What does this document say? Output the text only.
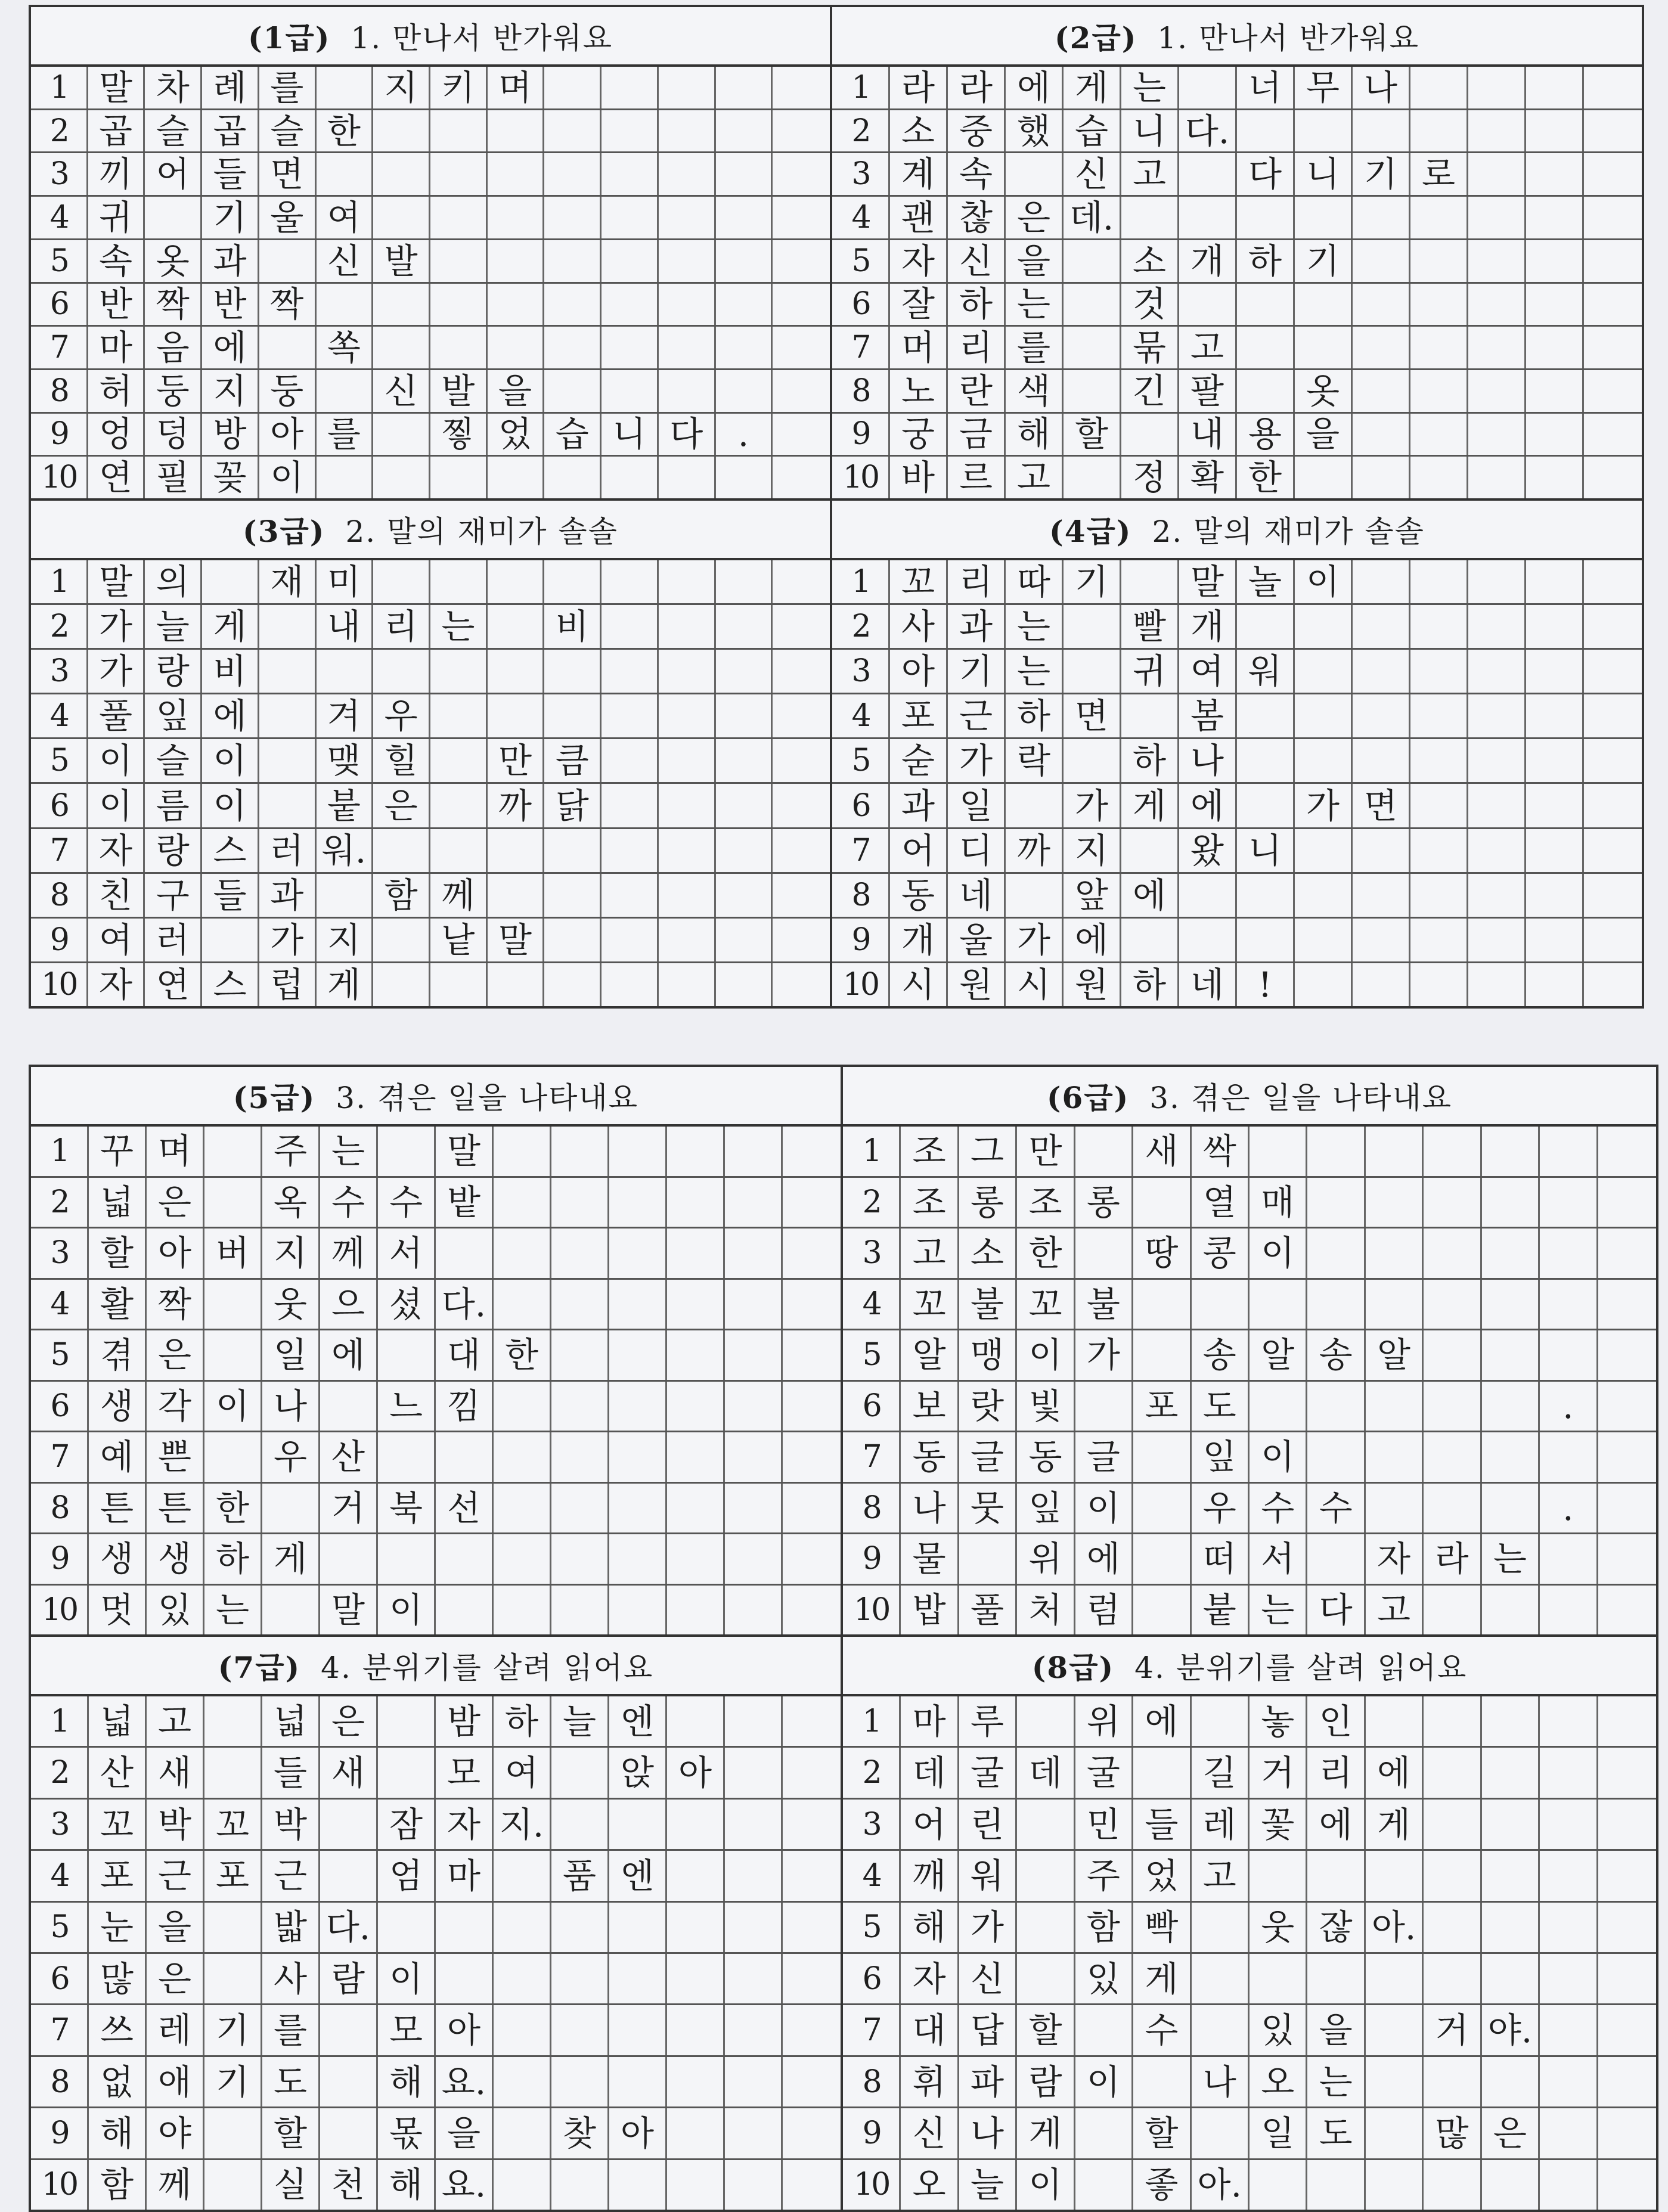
(1급) 1. 만나서 반가워요
1 말 차 례 를	지 키 며
2 곱 슬 곱 슬 한
3 끼 어 들 면
4 귀	기 울 여
5 속 옷 과	신 발
6 반 짝 반 짝
7 마 음 에	쏙
8 허 둥 지 둥	신 발 을
9 엉 덩 방 아 를	찧 었 습 니 다	.
10 연 필 꽂 이
(2급) 1. 만나서 반가워요
1 라 라 에 게 는	너 무 나
2 소 중 했 습 니 다.
3 계 속	신 고	다 니 기 로
4 괜 찮 은 데.
5 자 신 을	소 개 하 기
6 잘 하 는	것
7 머 리 를	묶 고
8 노 란 색	긴 팔	옷
9 궁 금 해 할	내 용 을
10 바 르 고	정 확 한
(3급) 2. 말의 재미가 솔솔
1 말 의	재 미
2 가 늘 게	내 리 는	비
3 가 랑 비
4 풀 잎 에	겨 우
5 이 슬 이	맺 힐	만 큼
6 이 름 이	붙 은	까 닭
7 자 랑 스 러 워.
8 친 구 들 과	함 께
9 여 러	가 지	낱 말
10 자 연 스 럽 게
(4급) 2. 말의 재미가 솔솔
1 꼬 리 따 기	말 놀 이
2 사 과 는	빨 개
3 아 기 는	귀 여 워
4 포 근 하 면	봄
5 숟 가 락	하 나
6 과 일	가 게 에	가 면
7 어 디 까 지	왔 니
8 동 네	앞 에
9 개 울 가 에
10 시 원 시 원 하 네 !
(5급) 3. 겪은 일을 나타내요
1 꾸 며	주 는	말
2 넓 은	옥 수 수 밭
3 할 아 버 지 께 서
4 활 짝	웃 으 셨 다.
5 겪 은	일 에	대 한
6 생 각 이 나	느 낌
7 예 쁜	우 산
8 튼 튼 한	거 북 선
9 생 생 하 게
10 멋 있 는	말 이
(6급) 3. 겪은 일을 나타내요
1 조 그 만	새 싹
2 조 롱 조 롱	열 매
3 고 소 한	땅 콩 이
4 꼬 불 꼬 불
5 알 맹 이 가	송 알 송 알
6 보 랏 빛	포 도	.
7 동 글 동 글	잎 이
8 나 뭇 잎 이	우 수 수	.
9 물	위 에	떠 서	자 라 는
10 밥 풀 처 럼	붙 는 다 고
(7급) 4. 분위기를 살려 읽어요
1 넓 고	넓 은	밤 하 늘 엔
2 산 새	들 새	모 여	앉 아
3 꼬 박 꼬 박	잠 자 지.
4 포 근 포 근	엄 마	품 엔
5 눈 을	밟 다.
6 많 은	사 람 이
7 쓰 레 기 를	모 아
8 없 애 기 도	해 요.
9 해 야	할	몫 을	찾 아
10 함 께	실 천 해 요.
(8급) 4. 분위기를 살려 읽어요
1 마 루	위 에	놓 인
2 데 굴 데 굴	길 거 리 에
3 어 린	민 들 레 꽃 에 게
4 깨 워	주 었 고
5 해 가	함 빡	웃 잖 아.
6 자 신	있 게
7 대 답 할	수	있 을	거 야.
8 휘 파 람 이	나 오 는
9 신 나 게	할	일 도	많 은
10 오 늘 이	좋 아.
